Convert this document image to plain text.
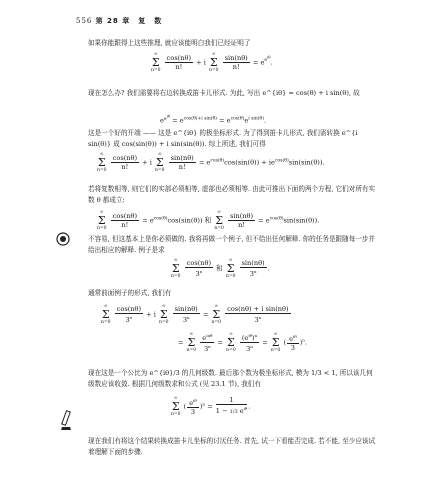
556 第 28 章　复　数
如果你能跟得上这些推理, 就应该能明白我们已经证明了
∞
Σ
n=0
$\frac{\cos(n\theta)}{n!} + i$
∞
Σ
n=0
$\frac{\sin(n\theta)}{n!} = e^{e^{i\theta}}$.
现在怎么办? 我们需要将右边转换成笛卡儿形式. 为此, 写出 e^{iθ} = cos(θ) + i sin(θ), 故
$e^{e^{i\theta}} = e^{cos(\theta)+i sin(\theta)} = e^{cos(\theta)}e^{i sin(\theta)}$.
这是一个好的开端 —— 这是 e^{iθ} 的极坐标形式. 为了得到笛卡儿形式, 我们需转换 e^{i sin(θ)} 成 cos(sin(θ)) + i sin(sin(θ)). 综上所述, 我们可得
∞
Σ
n=0
$\frac{\cos(n\theta)}{n!} + i$
∞
Σ
n=0
$\frac{\sin(n\theta)}{n!} = e^{cos(\theta)}\cos(\sin(\theta)) + ie^{cos(\theta)}\sin(\sin(\theta))$.
若将复数相等, 则它们的实部必须相等, 虚部也必须相等. 由此可推出下面的两个方程, 它们对所有实数 θ 都成立:
∞
Σ
n=0
$\frac{\cos(n\theta)}{n!} = e^{cos(\theta)}\cos(\sin(\theta))$ 和
∞
Σ
n=0
$\frac{\sin(n\theta)}{n!} = e^{cos(\theta)}\sin(\sin(\theta))$.
不容易, 但这基本上是你必须做的. 我将再做一个例子, 但不给出任何解释. 你的任务是跟随每一步并给出相应的解释. 例子是求
∞
Σ
n=0
$\frac{\cos(n\theta)}{3^n}$ 和
∞
Σ
n=0
$\frac{\sin(n\theta)}{3^n}$ .
通常前面例子的形式, 我们有
∞
Σ
n=0
$\frac{\cos(n\theta)}{3^n} + i$
∞
Σ
n=0
$\frac{\sin(n\theta)}{3^n}$ =
∞
Σ
n=0
$\frac{\text{cos(nθ) + i sin(nθ)}}{3^n}$
=
∞
Σ
n=0
$\frac{e^{in\theta}}{3^n}$ =
∞
Σ
n=0
$\frac{(e^{i\theta})^n}{3^n}$ =
∞
Σ
n=0
( $\frac{e^{i\theta}}{3} )^n$.
现在这是一个公比为 e^{iθ}/3 的几何级数. 最后那个数为极坐标形式, 模为 1/3 < 1, 所以该几何级数应该收敛. 根据几何级数求和公式 (见 23.1 节), 我们有
∞
Σ
n=0
( $\frac{e^{i\theta}}{3} )^n = \frac{1}{1 - 1/3 e^{i\theta}}$ .
现在我们有将这个结果转换成笛卡儿坐标的讨厌任务. 首先, 试一下看能否完成. 若不能, 至少应该试着理解下面的步骤.
